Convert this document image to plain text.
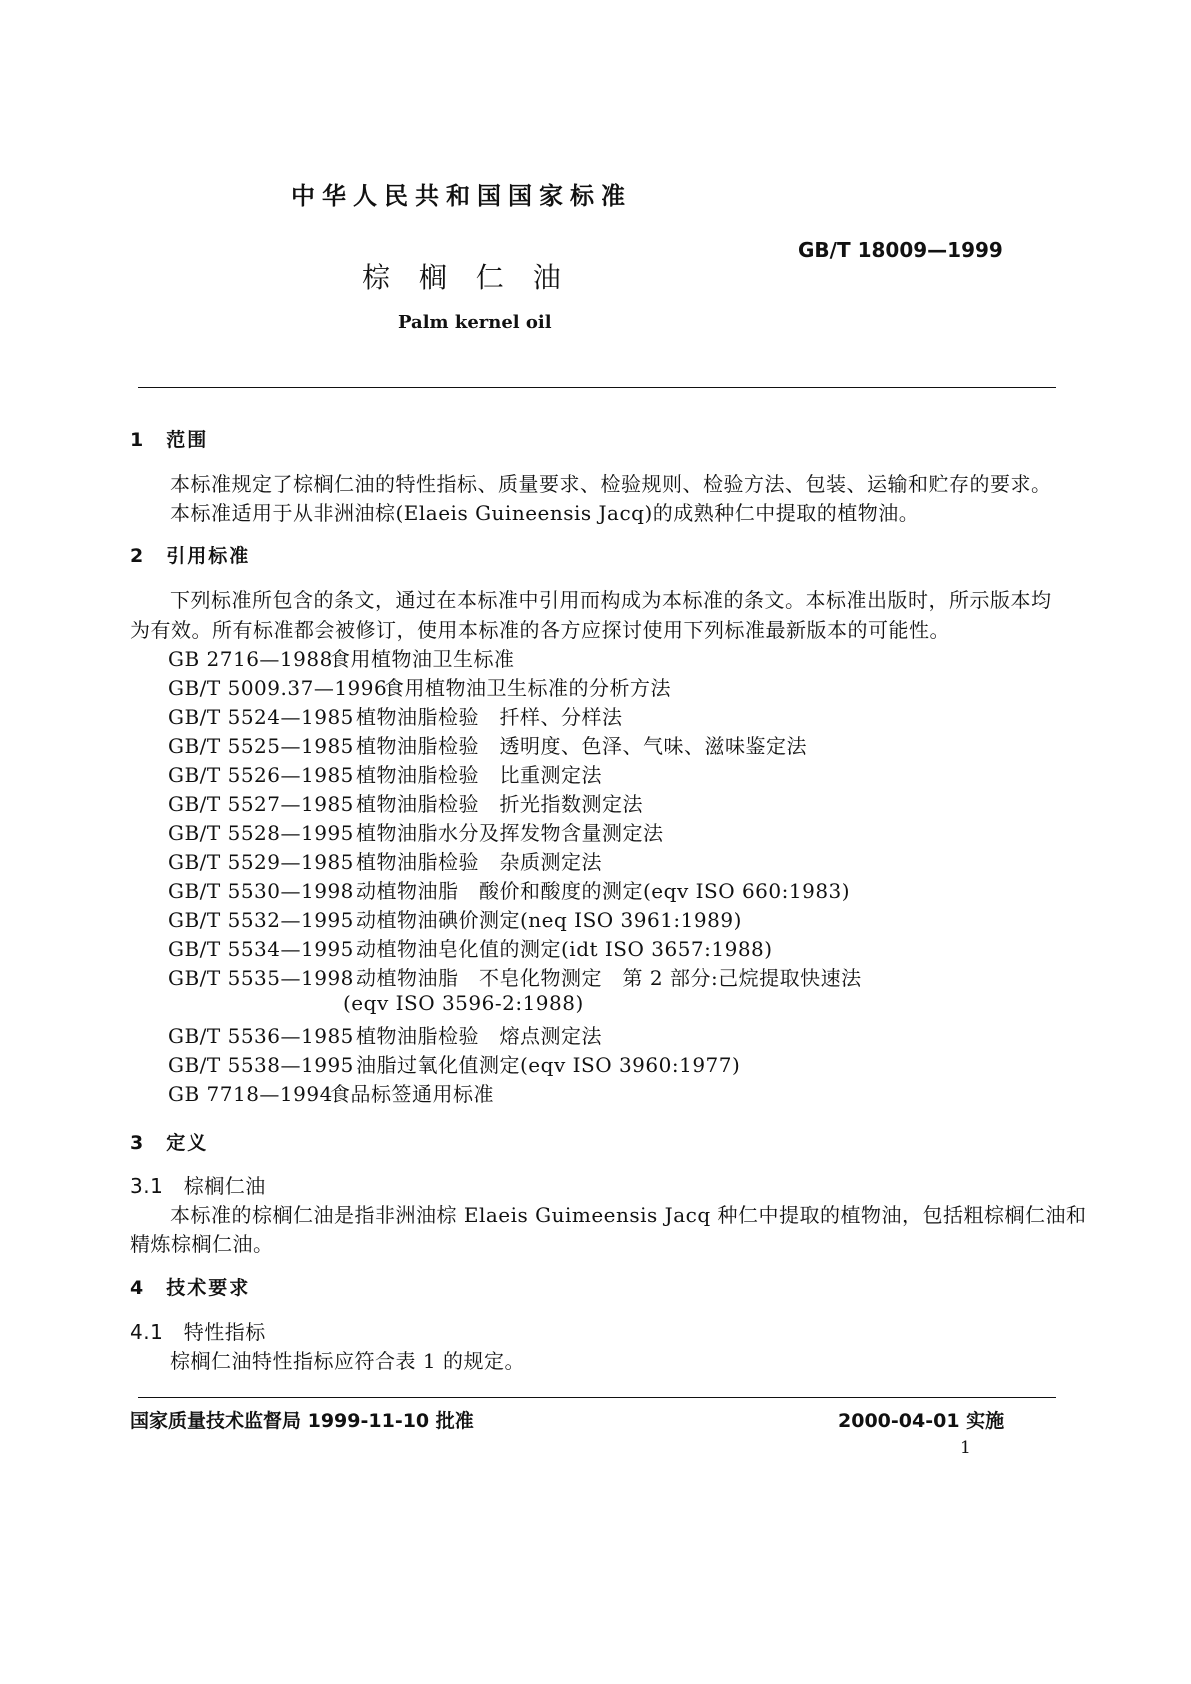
中华人民共和国国家标准
GB/T 18009—1999
棕 榈 仁 油
Palm kernel oil
1　范围
本标准规定了棕榈仁油的特性指标、质量要求、检验规则、检验方法、包装、运输和贮存的要求。
本标准适用于从非洲油棕(Elaeis Guineensis Jacq)的成熟种仁中提取的植物油。
2　引用标准
下列标准所包含的条文，通过在本标准中引用而构成为本标准的条文。本标准出版时，所示版本均
为有效。所有标准都会被修订，使用本标准的各方应探讨使用下列标准最新版本的可能性。
GB 2716—1988食用植物油卫生标准
GB/T 5009.37—1996食用植物油卫生标准的分析方法
GB/T 5524—1985 植物油脂检验　扦样、分样法
GB/T 5525—1985 植物油脂检验　透明度、色泽、气味、滋味鉴定法
GB/T 5526—1985 植物油脂检验　比重测定法
GB/T 5527—1985 植物油脂检验　折光指数测定法
GB/T 5528—1995 植物油脂水分及挥发物含量测定法
GB/T 5529—1985 植物油脂检验　杂质测定法
GB/T 5530—1998 动植物油脂　酸价和酸度的测定(eqv ISO 660:1983)
GB/T 5532—1995 动植物油碘价测定(neq ISO 3961:1989)
GB/T 5534—1995 动植物油皂化值的测定(idt ISO 3657:1988)
GB/T 5535—1998 动植物油脂　不皂化物测定　第 2 部分:己烷提取快速法
(eqv ISO 3596-2:1988)
GB/T 5536—1985 植物油脂检验　熔点测定法
GB/T 5538—1995 油脂过氧化值测定(eqv ISO 3960:1977)
GB 7718—1994食品标签通用标准
3　定义
3.1　棕榈仁油
本标准的棕榈仁油是指非洲油棕 Elaeis Guimeensis Jacq 种仁中提取的植物油，包括粗棕榈仁油和
精炼棕榈仁油。
4　技术要求
4.1　特性指标
棕榈仁油特性指标应符合表 1 的规定。
国家质量技术监督局 1999-11-10 批准	2000-04-01 实施
1
